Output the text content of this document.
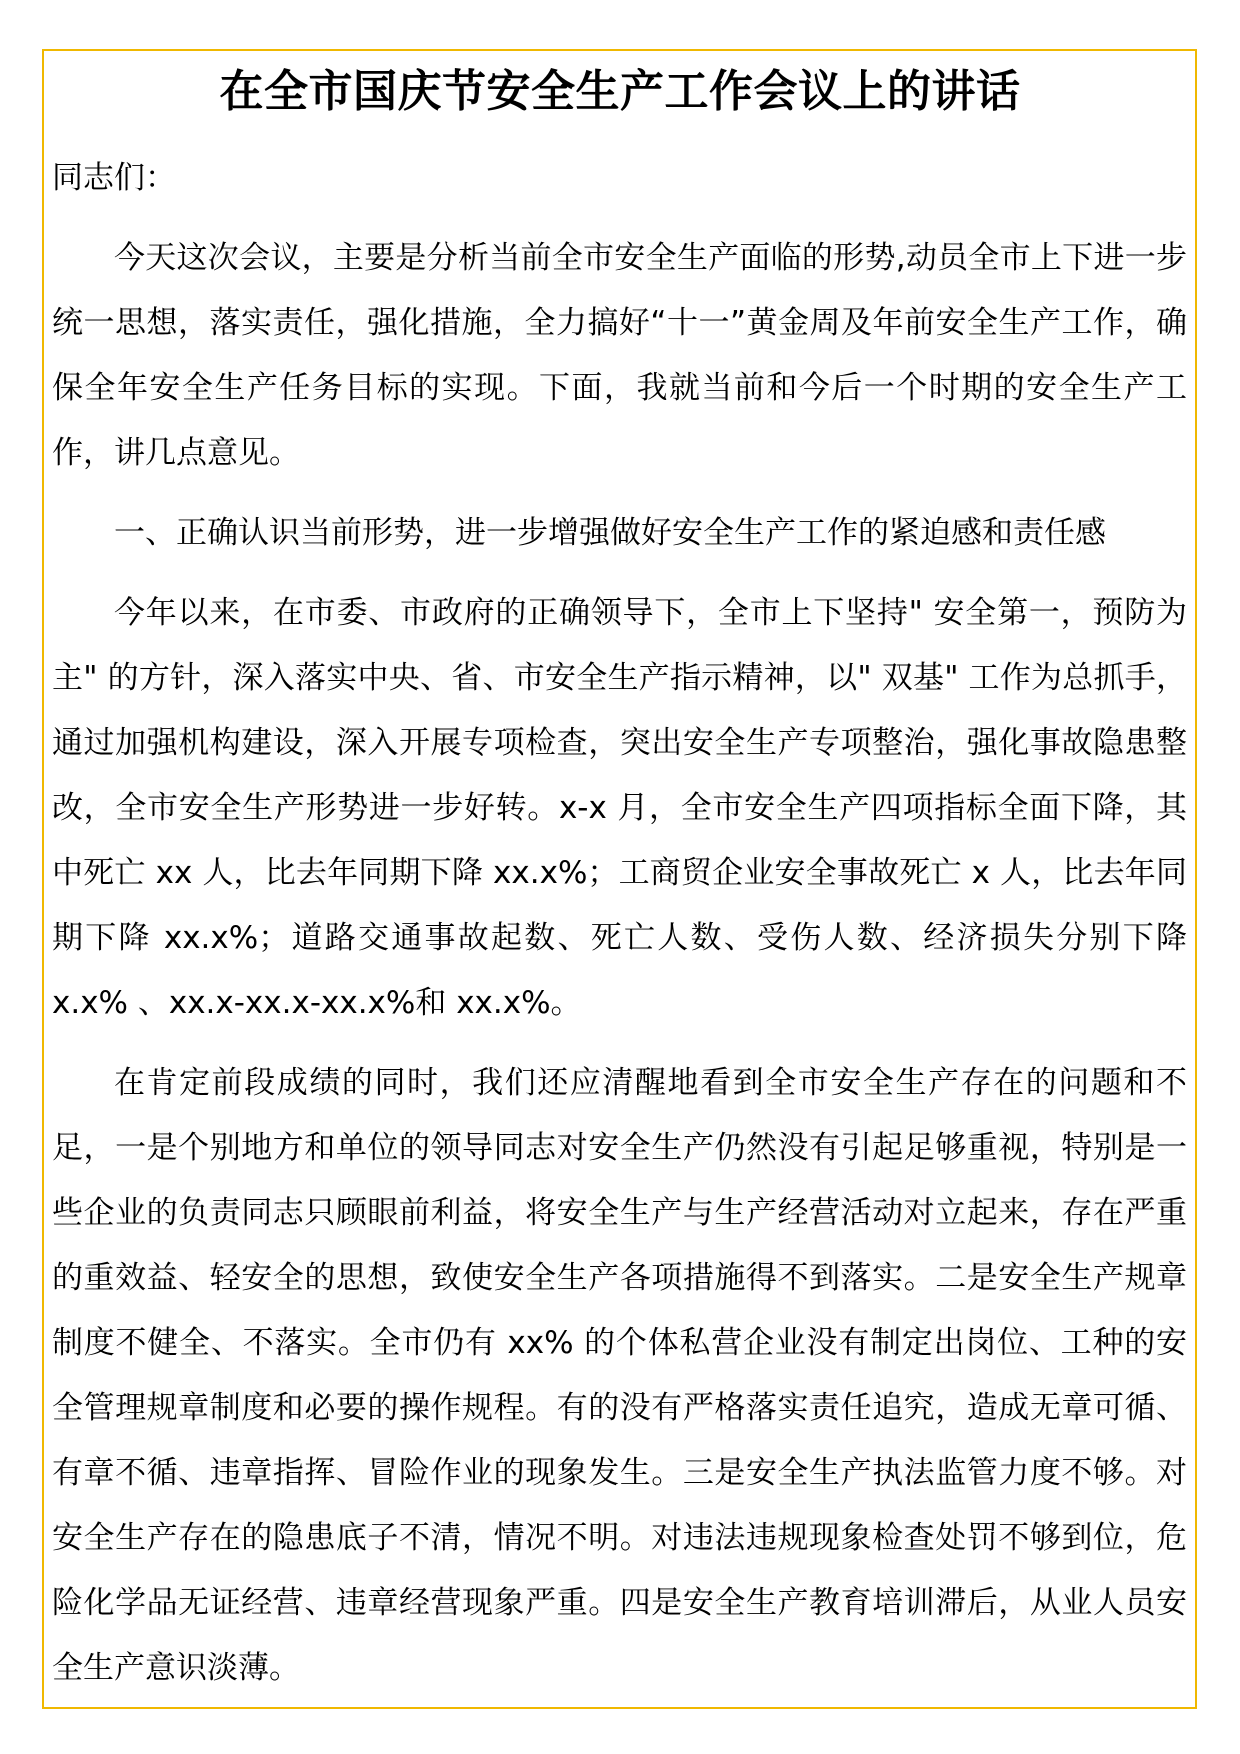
在全市国庆节安全生产工作会议上的讲话

同志们：

今天这次会议，主要是分析当前全市安全生产面临的形势,动员全市上下进一步统一思想，落实责任，强化措施，全力搞好“十一”黄金周及年前安全生产工作，确保全年安全生产任务目标的实现。下面，我就当前和今后一个时期的安全生产工作，讲几点意见。

一、正确认识当前形势，进一步增强做好安全生产工作的紧迫感和责任感

今年以来，在市委、市政府的正确领导下，全市上下坚持" 安全第一，预防为主" 的方针，深入落实中央、省、市安全生产指示精神，以" 双基" 工作为总抓手，通过加强机构建设，深入开展专项检查，突出安全生产专项整治，强化事故隐患整改，全市安全生产形势进一步好转。x-x 月，全市安全生产四项指标全面下降，其中死亡 xx 人，比去年同期下降 xx.x%；工商贸企业安全事故死亡 x 人，比去年同期下降 xx.x%；道路交通事故起数、死亡人数、受伤人数、经济损失分别下降 x.x% 、xx.x-xx.x-xx.x%和 xx.x%。

在肯定前段成绩的同时，我们还应清醒地看到全市安全生产存在的问题和不足，一是个别地方和单位的领导同志对安全生产仍然没有引起足够重视，特别是一些企业的负责同志只顾眼前利益，将安全生产与生产经营活动对立起来，存在严重的重效益、轻安全的思想，致使安全生产各项措施得不到落实。二是安全生产规章制度不健全、不落实。全市仍有 xx% 的个体私营企业没有制定出岗位、工种的安全管理规章制度和必要的操作规程。有的没有严格落实责任追究，造成无章可循、有章不循、违章指挥、冒险作业的现象发生。三是安全生产执法监管力度不够。对安全生产存在的隐患底子不清，情况不明。对违法违规现象检查处罚不够到位，危险化学品无证经营、违章经营现象严重。四是安全生产教育培训滞后，从业人员安全生产意识淡薄。
